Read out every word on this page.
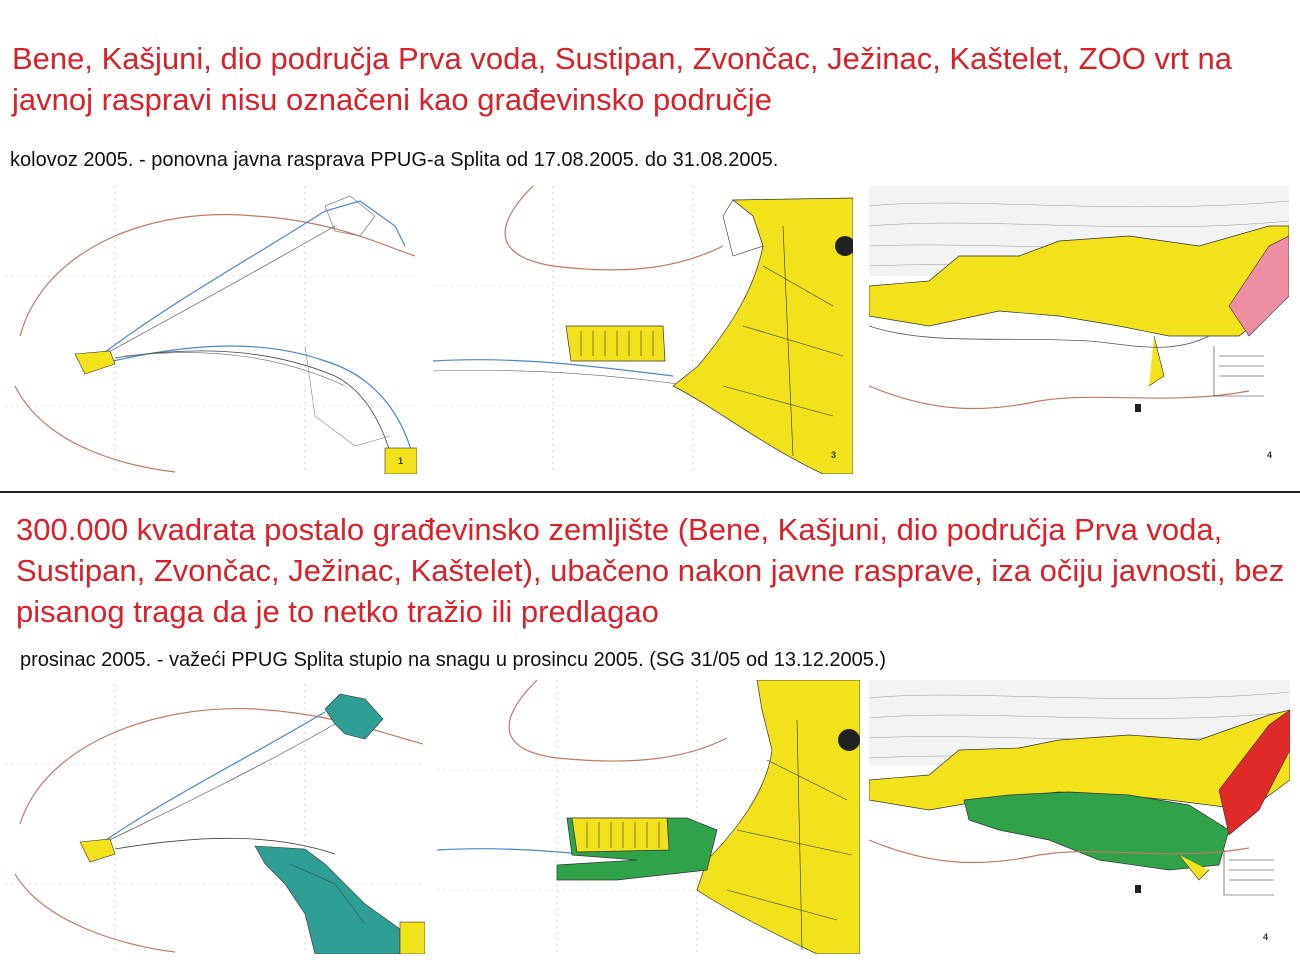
Bene, Kašjuni, dio područja Prva voda, Sustipan, Zvončac, Ježinac, Kaštelet, ZOO vrt na javnoj raspravi nisu označeni kao građevinsko područje
kolovoz 2005. - ponovna javna rasprava PPUG-a Splita od 17.08.2005. do 31.08.2005.
1
3	4
300.000 kvadrata postalo građevinsko zemljište (Bene, Kašjuni, dio područja Prva voda, Sustipan, Zvončac, Ježinac, Kaštelet), ubačeno nakon javne rasprave, iza očiju javnosti, bez pisanog traga da je to netko tražio ili predlagao
prosinac 2005. - važeći PPUG Splita stupio na snagu u prosincu 2005. (SG 31/05 od 13.12.2005.)
4
